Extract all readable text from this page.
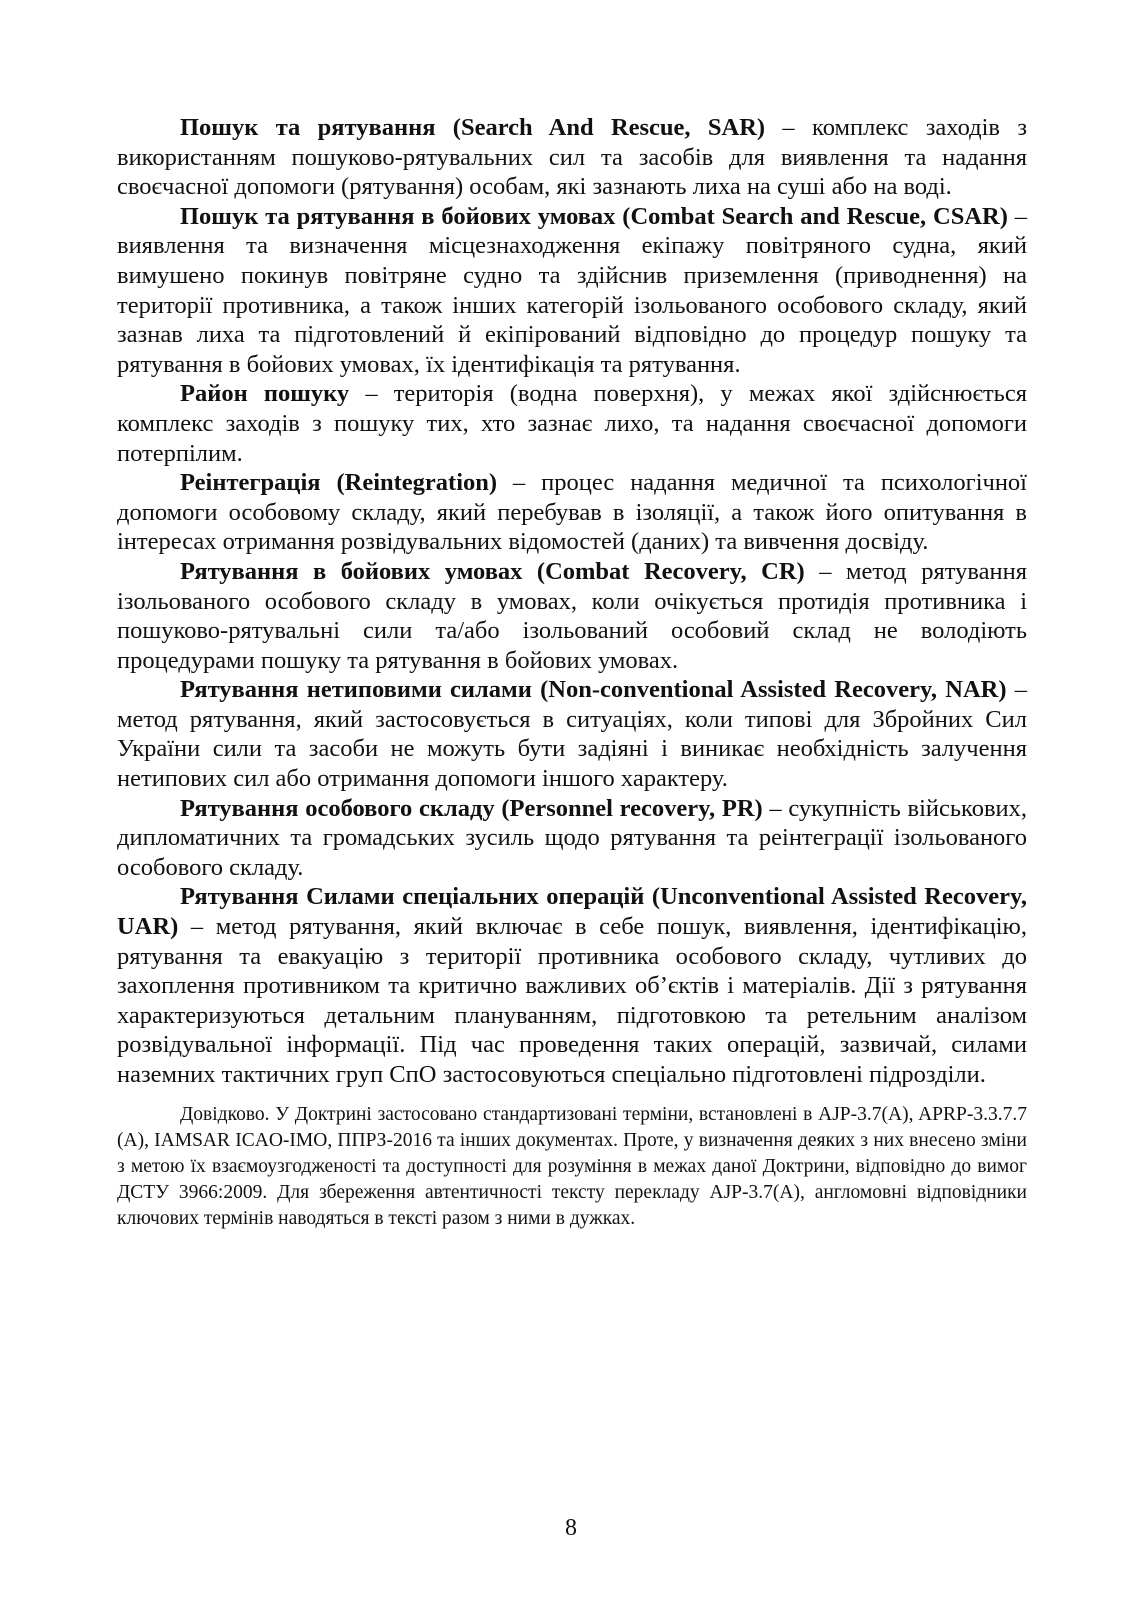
Пошук та рятування (Search And Rescue, SAR) – комплекс заходів з використанням пошуково-рятувальних сил та засобів для виявлення та надання своєчасної допомоги (рятування) особам, які зазнають лиха на суші або на воді.

Пошук та рятування в бойових умовах (Combat Search and Rescue, CSAR) – виявлення та визначення місцезнаходження екіпажу повітряного судна, який вимушено покинув повітряне судно та здійснив приземлення (приводнення) на території противника, а також інших категорій ізольованого особового складу, який зазнав лиха та підготовлений й екіпірований відповідно до процедур пошуку та рятування в бойових умовах, їх ідентифікація та рятування.

Район пошуку – територія (водна поверхня), у межах якої здійснюється комплекс заходів з пошуку тих, хто зазнає лихо, та надання своєчасної допомоги потерпілим.

Реінтеграція (Reintegration) – процес надання медичної та психологічної допомоги особовому складу, який перебував в ізоляції, а також його опитування в інтересах отримання розвідувальних відомостей (даних) та вивчення досвіду.

Рятування в бойових умовах (Combat Recovery, CR) – метод рятування ізольованого особового складу в умовах, коли очікується протидія противника і пошуково-рятувальні сили та/або ізольований особовий склад не володіють процедурами пошуку та рятування в бойових умовах.

Рятування нетиповими силами (Non-conventional Assisted Recovery, NAR) – метод рятування, який застосовується в ситуаціях, коли типові для Збройних Сил України сили та засоби не можуть бути задіяні і виникає необхідність залучення нетипових сил або отримання допомоги іншого характеру.

Рятування особового складу (Personnel recovery, PR) – сукупність військових, дипломатичних та громадських зусиль щодо рятування та реінтеграції ізольованого особового складу.

Рятування Силами спеціальних операцій (Unconventional Assisted Recovery, UAR) – метод рятування, який включає в себе пошук, виявлення, ідентифікацію, рятування та евакуацію з території противника особового складу, чутливих до захоплення противником та критично важливих об’єктів і матеріалів. Дії з рятування характеризуються детальним плануванням, підготовкою та ретельним аналізом розвідувальної інформації. Під час проведення таких операцій, зазвичай, силами наземних тактичних груп СпО застосовуються спеціально підготовлені підрозділи.

Довідково. У Доктрині застосовано стандартизовані терміни, встановлені в AJP-3.7(A), APRP-3.3.7.7 (A), IAMSAR ICAO-IMO, ППРЗ-2016 та інших документах. Проте, у визначення деяких з них внесено зміни з метою їх взаємоузгодженості та доступності для розуміння в межах даної Доктрини, відповідно до вимог ДСТУ 3966:2009. Для збереження автентичності тексту перекладу AJP-3.7(A), англомовні відповідники ключових термінів наводяться в тексті разом з ними в дужках.

8
